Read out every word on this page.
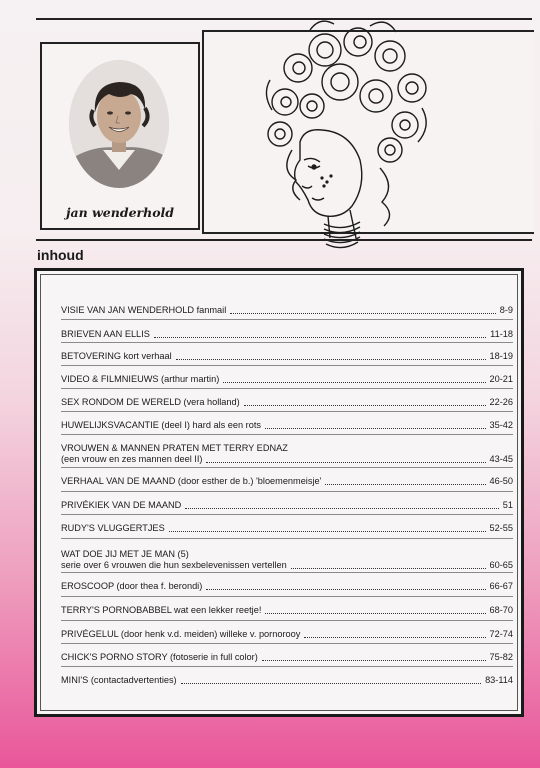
jan wenderhold
inhoud
VISIE VAN JAN WENDERHOLD fanmail	8-9
BRIEVEN AAN ELLIS	11-18
BETOVERING kort verhaal	18-19
VIDEO & FILMNIEUWS (arthur martin)	20-21
SEX RONDOM DE WERELD (vera holland)	22-26
HUWELIJKSVACANTIE (deel I) hard als een rots	35-42
VROUWEN & MANNEN PRATEN MET TERRY EDNAZ
(een vrouw en zes mannen deel II)	43-45
VERHAAL VAN DE MAAND (door esther de b.) 'bloemenmeisje'	46-50
PRIVÉKIEK VAN DE MAAND	51
RUDY'S VLUGGERTJES	52-55
WAT DOE JIJ MET JE MAN (5)
serie over 6 vrouwen die hun sexbelevenissen vertellen	60-65
EROSCOOP (door thea f. berondi)	66-67
TERRY'S PORNOBABBEL wat een lekker reetje!	68-70
PRIVÉGELUL (door henk v.d. meiden) willeke v. pornorooy	72-74
CHICK'S PORNO STORY (fotoserie in full color)	75-82
MINI'S (contactadvertenties)	83-114
